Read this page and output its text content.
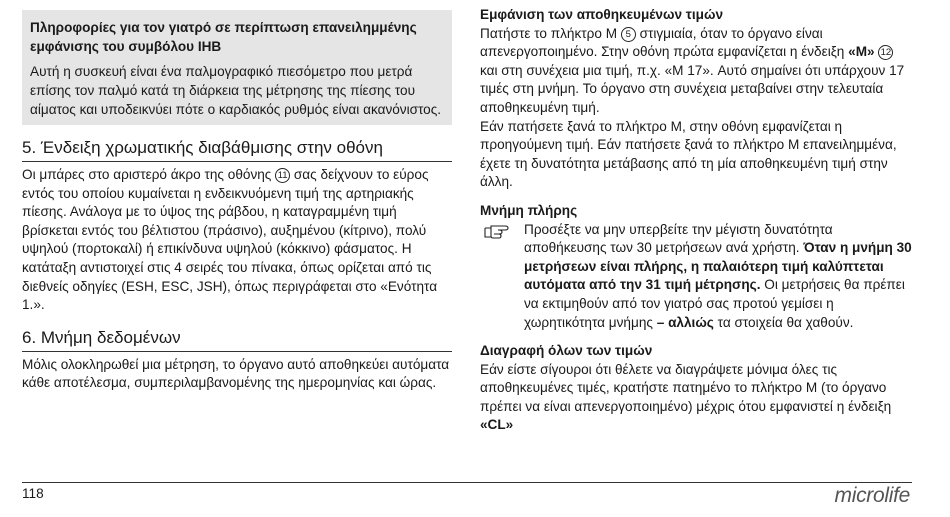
Πληροφορίες για τον γιατρό σε περίπτωση επανειλημμένης εμφάνισης του συμβόλου IHB
Αυτή η συσκευή είναι ένα παλμογραφικό πιεσόμετρο που μετρά επίσης τον παλμό κατά τη διάρκεια της μέτρησης της πίεσης του αίματος και υποδεικνύει πότε ο καρδιακός ρυθμός είναι ακανόνιστος.
5. Ένδειξη χρωματικής διαβάθμισης στην οθόνη

Οι μπάρες στο αριστερό άκρο της οθόνης 11 σας δείχνουν το εύρος εντός του οποίου κυμαίνεται η ενδεικνυόμενη τιμή της αρτηριακής πίεσης. Ανάλογα με το ύψος της ράβδου, η καταγραμμένη τιμή βρίσκεται εντός του βέλτιστου (πράσινο), αυξημένου (κίτρινο), πολύ υψηλού (πορτοκαλί) ή επικίνδυνα υψηλού (κόκκινο) φάσματος. Η κατάταξη αντιστοιχεί στις 4 σειρές του πίνακα, όπως ορίζεται από τις διεθνείς οδηγίες (ESH, ESC, JSH), όπως περιγράφεται στο «Ενότητα 1.».

6. Μνήμη δεδομένων

Μόλις ολοκληρωθεί μια μέτρηση, το όργανο αυτό αποθηκεύει αυτόματα κάθε αποτέλεσμα, συμπεριλαμβανομένης της ημερομηνίας και ώρας.

Εμφάνιση των αποθηκευμένων τιμών

Πατήστε το πλήκτρο M 5 στιγμιαία, όταν το όργανο είναι απενεργοποιημένο. Στην οθόνη πρώτα εμφανίζεται η ένδειξη «M» 12 και στη συνέχεια μια τιμή, π.χ. «M 17». Αυτό σημαίνει ότι υπάρχουν 17 τιμές στη μνήμη. Το όργανο στη συνέχεια μεταβαίνει στην τελευταία αποθηκευμένη τιμή.

Εάν πατήσετε ξανά το πλήκτρο M, στην οθόνη εμφανίζεται η προηγούμενη τιμή. Εάν πατήσετε ξανά το πλήκτρο M επανειλημμένα, έχετε τη δυνατότητα μετάβασης από τη μία αποθηκευμένη τιμή στην άλλη.

Μνήμη πλήρης
Προσέξτε να μην υπερβείτε την μέγιστη δυνατότητα αποθήκευσης των 30 μετρήσεων ανά χρήστη. Όταν η μνήμη 30 μετρήσεων είναι πλήρης, η παλαιότερη τιμή καλύπτεται αυτόματα από την 31 τιμή μέτρησης. Οι μετρήσεις θα πρέπει να εκτιμηθούν από τον γιατρό σας προτού γεμίσει η χωρητικότητα μνήμης – αλλιώς τα στοιχεία θα χαθούν.
Διαγραφή όλων των τιμών

Εάν είστε σίγουροι ότι θέλετε να διαγράψετε μόνιμα όλες τις αποθηκευμένες τιμές, κρατήστε πατημένο το πλήκτρο M (το όργανο πρέπει να είναι απενεργοποιημένο) μέχρις ότου εμφανιστεί η ένδειξη «CL»

118	microlife
